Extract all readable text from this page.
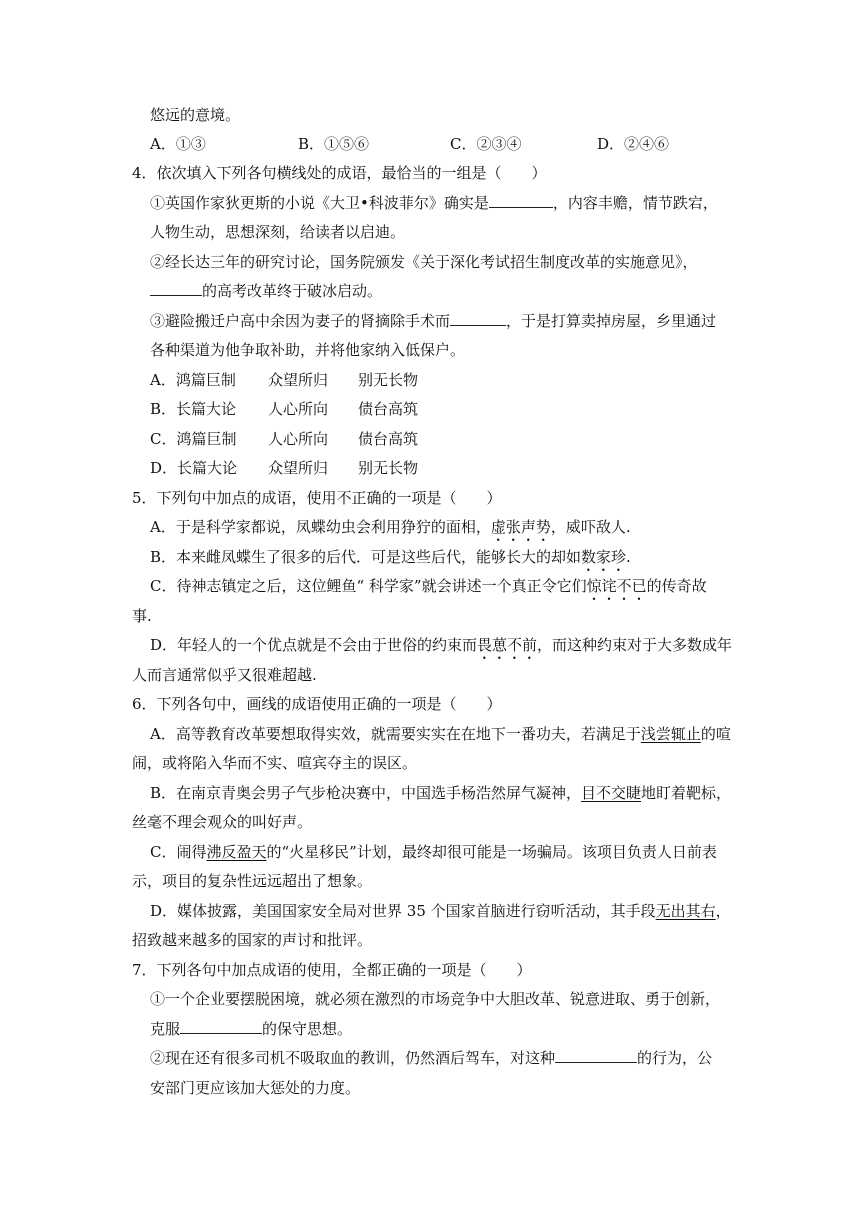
悠远的意境。
A．①③	B．①⑤⑥	C．②③④	D．②④⑥
4．依次填入下列各句横线处的成语，最恰当的一组是（　　）
①英国作家狄更斯的小说《大卫•科波菲尔》确实是	，内容丰赡，情节跌宕，
人物生动，思想深刻，给读者以启迪。
②经长达三年的研究讨论，国务院颁发《关于深化考试招生制度改革的实施意见》，
的高考改革终于破冰启动。
③避险搬迁户高中余因为妻子的肾摘除手术而	，于是打算卖掉房屋，乡里通过
各种渠道为他争取补助，并将他家纳入低保户。
A．鸿篇巨制 众望所归 别无长物
B．长篇大论 人心所向 债台高筑
C．鸿篇巨制 人心所向 债台高筑
D．长篇大论 众望所归 别无长物
5．下列句中加点的成语，使用不正确的一项是（　　）
A．于是科学家都说，凤蝶幼虫会利用狰狞的面相，虚张声势，威吓敌人.
B．本来雌凤蝶生了很多的后代．可是这些后代，能够长大的却如数家珍.
C．待神志镇定之后，这位鲤鱼“ 科学家”就会讲述一个真正令它们惊诧不已的传奇故
事.
D．年轻人的一个优点就是不会由于世俗的约束而畏葸不前，而这种约束对于大多数成年
人而言通常似乎又很难超越.
6．下列各句中，画线的成语使用正确的一项是（　　）
A．高等教育改革要想取得实效，就需要实实在在地下一番功夫，若满足于浅尝辄止的喧
闹，或将陷入华而不实、喧宾夺主的误区。
B．在南京青奥会男子气步枪决赛中，中国选手杨浩然屏气凝神，目不交睫地盯着靶标，
丝毫不理会观众的叫好声。
C．闹得沸反盈天的“火星移民”计划，最终却很可能是一场骗局。该项目负责人日前表
示，项目的复杂性远远超出了想象。
D．媒体披露，美国国家安全局对世界 35 个国家首脑进行窃听活动，其手段无出其右，
招致越来越多的国家的声讨和批评。
7．下列各句中加点成语的使用，全都正确的一项是（　　）
①一个企业要摆脱困境，就必须在激烈的市场竞争中大胆改革、锐意进取、勇于创新，
克服	的保守思想。
②现在还有很多司机不吸取血的教训，仍然酒后驾车，对这种	的行为，公
安部门更应该加大惩处的力度。
